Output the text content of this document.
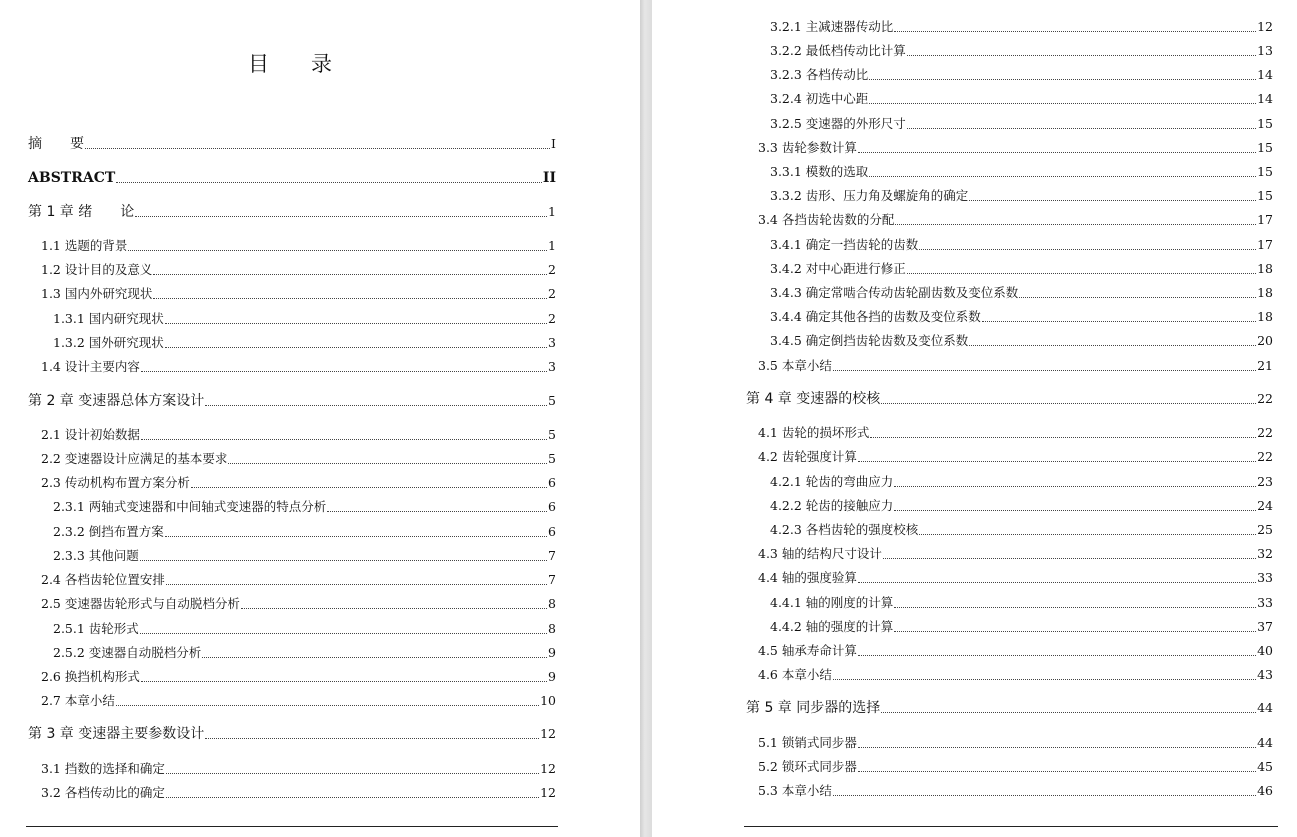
目　　录
摘　　要	I
ABSTRACT	II
第 1 章 绪　　论	1
1.1 选题的背景	1
1.2 设计目的及意义	2
1.3 国内外研究现状	2
1.3.1 国内研究现状	2
1.3.2 国外研究现状	3
1.4 设计主要内容	3
第 2 章 变速器总体方案设计	5
2.1 设计初始数据	5
2.2 变速器设计应满足的基本要求	5
2.3 传动机构布置方案分析	6
2.3.1 两轴式变速器和中间轴式变速器的特点分析	6
2.3.2 倒挡布置方案	6
2.3.3 其他问题	7
2.4 各档齿轮位置安排	7
2.5 变速器齿轮形式与自动脱档分析	8
2.5.1 齿轮形式	8
2.5.2 变速器自动脱档分析	9
2.6 换挡机构形式	9
2.7 本章小结	10
第 3 章 变速器主要参数设计	12
3.1 挡数的选择和确定	12
3.2 各档传动比的确定	12
3.2.1 主减速器传动比	12
3.2.2 最低档传动比计算	13
3.2.3 各档传动比	14
3.2.4 初选中心距	14
3.2.5 变速器的外形尺寸	15
3.3 齿轮参数计算	15
3.3.1 模数的选取	15
3.3.2 齿形、压力角及螺旋角的确定	15
3.4 各挡齿轮齿数的分配	17
3.4.1 确定一挡齿轮的齿数	17
3.4.2 对中心距进行修正	18
3.4.3 确定常啮合传动齿轮副齿数及变位系数	18
3.4.4 确定其他各挡的齿数及变位系数	18
3.4.5 确定倒挡齿轮齿数及变位系数	20
3.5 本章小结	21
第 4 章 变速器的校核	22
4.1 齿轮的损坏形式	22
4.2 齿轮强度计算	22
4.2.1 轮齿的弯曲应力	23
4.2.2 轮齿的接触应力	24
4.2.3 各档齿轮的强度校核	25
4.3 轴的结构尺寸设计	32
4.4 轴的强度验算	33
4.4.1 轴的刚度的计算	33
4.4.2 轴的强度的计算	37
4.5 轴承寿命计算	40
4.6 本章小结	43
第 5 章 同步器的选择	44
5.1 锁销式同步器	44
5.2 锁环式同步器	45
5.3 本章小结	46
